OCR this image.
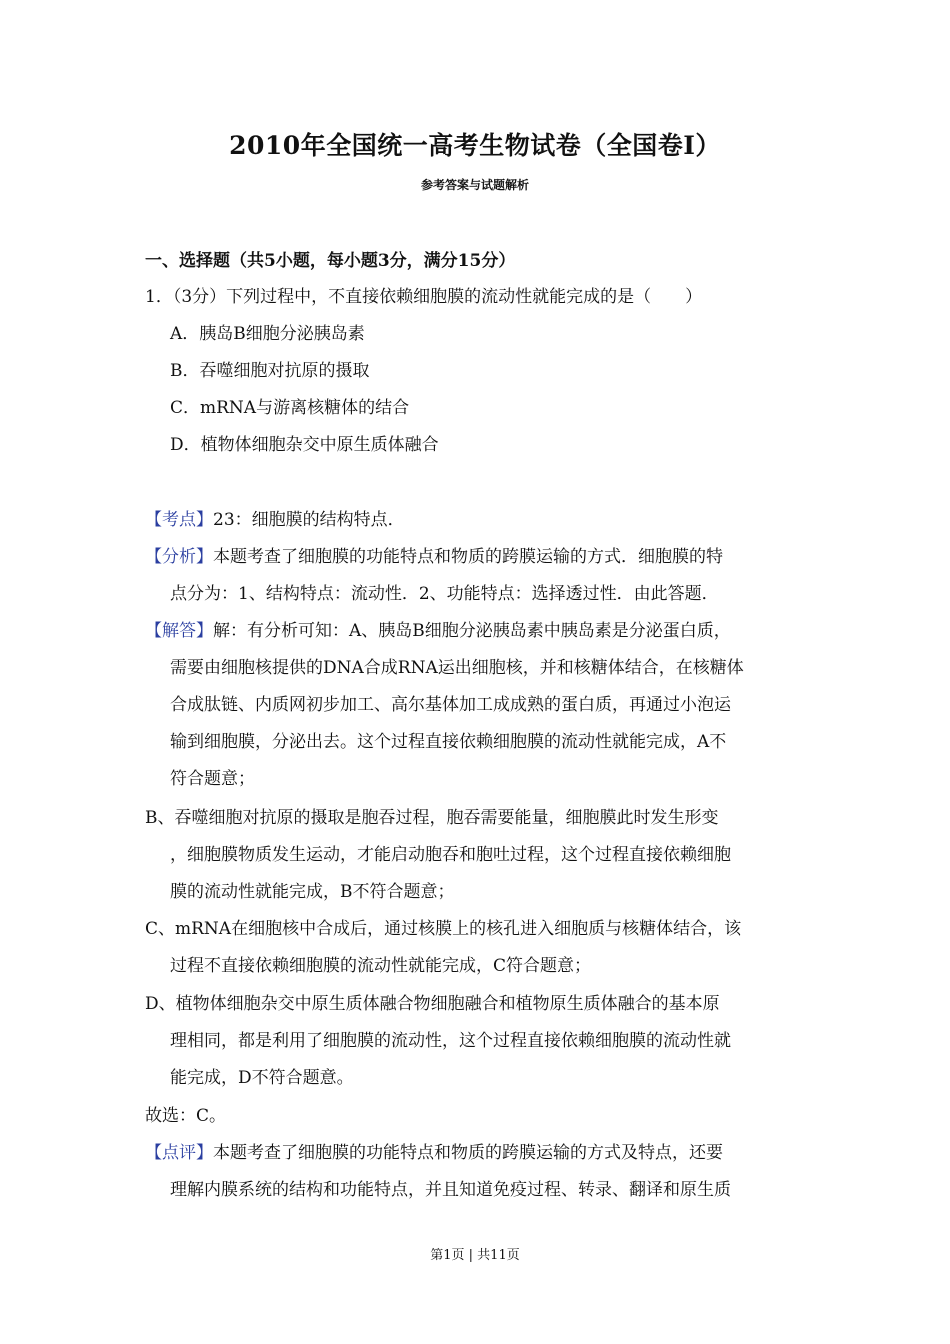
2010年全国统一高考生物试卷（全国卷I）
参考答案与试题解析
一、选择题（共5小题，每小题3分，满分15分）
1．（3分）下列过程中，不直接依赖细胞膜的流动性就能完成的是（　　）
A．胰岛B细胞分泌胰岛素
B．吞噬细胞对抗原的摄取
C．mRNA与游离核糖体的结合
D．植物体细胞杂交中原生质体融合
【考点】23：细胞膜的结构特点．
【分析】本题考查了细胞膜的功能特点和物质的跨膜运输的方式．细胞膜的特
点分为：1、结构特点：流动性．2、功能特点：选择透过性．由此答题．
【解答】解：有分析可知：A、胰岛B细胞分泌胰岛素中胰岛素是分泌蛋白质，
需要由细胞核提供的DNA合成RNA运出细胞核，并和核糖体结合，在核糖体
合成肽链、内质网初步加工、高尔基体加工成成熟的蛋白质，再通过小泡运
输到细胞膜，分泌出去。这个过程直接依赖细胞膜的流动性就能完成，A不
符合题意；
B、吞噬细胞对抗原的摄取是胞吞过程，胞吞需要能量，细胞膜此时发生形变
，细胞膜物质发生运动，才能启动胞吞和胞吐过程，这个过程直接依赖细胞
膜的流动性就能完成，B不符合题意；
C、mRNA在细胞核中合成后，通过核膜上的核孔进入细胞质与核糖体结合，该
过程不直接依赖细胞膜的流动性就能完成，C符合题意；
D、植物体细胞杂交中原生质体融合物细胞融合和植物原生质体融合的基本原
理相同，都是利用了细胞膜的流动性，这个过程直接依赖细胞膜的流动性就
能完成，D不符合题意。
故选：C。
【点评】本题考查了细胞膜的功能特点和物质的跨膜运输的方式及特点，还要
理解内膜系统的结构和功能特点，并且知道免疫过程、转录、翻译和原生质
第1页 | 共11页
